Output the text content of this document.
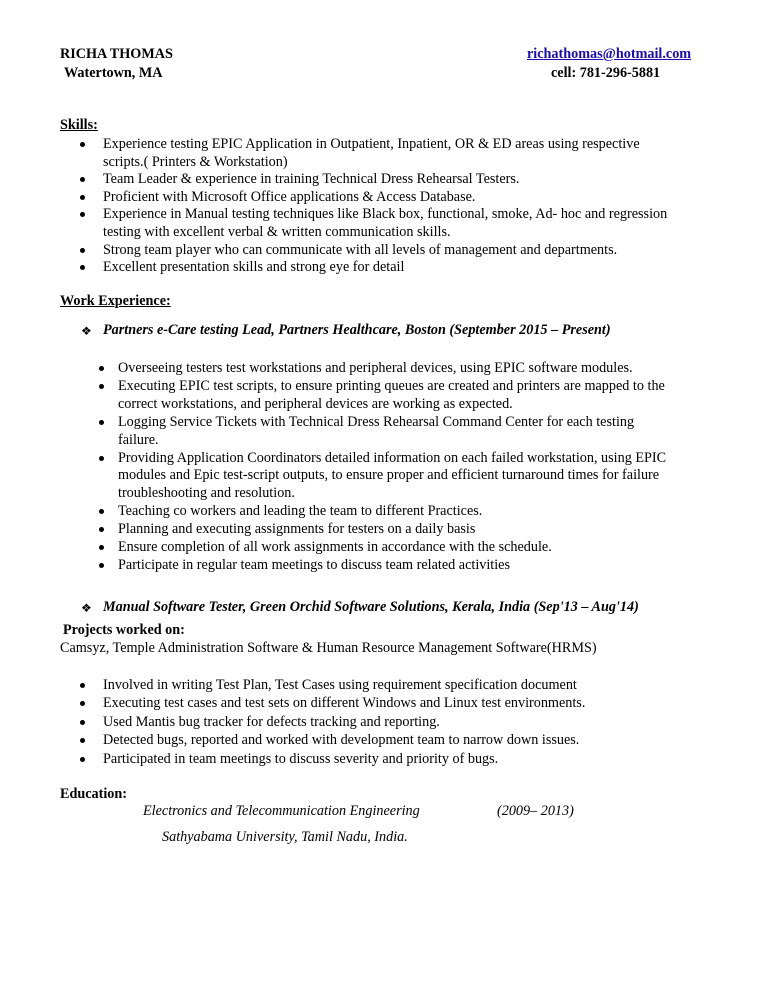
RICHA THOMAS
Watertown, MA
richathomas@hotmail.com
cell: 781-296-5881
Skills:
Experience testing EPIC Application in Outpatient, Inpatient, OR & ED areas using respective
scripts.( Printers & Workstation)
Team Leader & experience in training Technical Dress Rehearsal Testers.
Proficient with Microsoft Office applications & Access Database.
Experience in Manual testing techniques like Black box, functional, smoke, Ad- hoc and regression
testing with excellent verbal & written communication skills.
Strong team player who can communicate with all levels of management and departments.
Excellent presentation skills and strong eye for detail
Work Experience:
❖ Partners e-Care testing Lead, Partners Healthcare, Boston (September 2015 – Present)
Overseeing testers test workstations and peripheral devices, using EPIC software modules.
Executing EPIC test scripts, to ensure printing queues are created and printers are mapped to the
correct workstations, and peripheral devices are working as expected.
Logging Service Tickets with Technical Dress Rehearsal Command Center for each testing
failure.
Providing Application Coordinators detailed information on each failed workstation, using EPIC
modules and Epic test-script outputs, to ensure proper and efficient turnaround times for failure
troubleshooting and resolution.
Teaching co workers and leading the team to different Practices.
Planning and executing assignments for testers on a daily basis
Ensure completion of all work assignments in accordance with the schedule.
Participate in regular team meetings to discuss team related activities
❖ Manual Software Tester, Green Orchid Software Solutions, Kerala, India (Sep'13 – Aug'14)
Projects worked on:
Camsyz, Temple Administration Software & Human Resource Management Software(HRMS)
Involved in writing Test Plan, Test Cases using requirement specification document
Executing test cases and test sets on different Windows and Linux test environments.
Used Mantis bug tracker for defects tracking and reporting.
Detected bugs, reported and worked with development team to narrow down issues.
Participated in team meetings to discuss severity and priority of bugs.
Education:
Electronics and Telecommunication Engineering	(2009– 2013)
Sathyabama University, Tamil Nadu, India.
